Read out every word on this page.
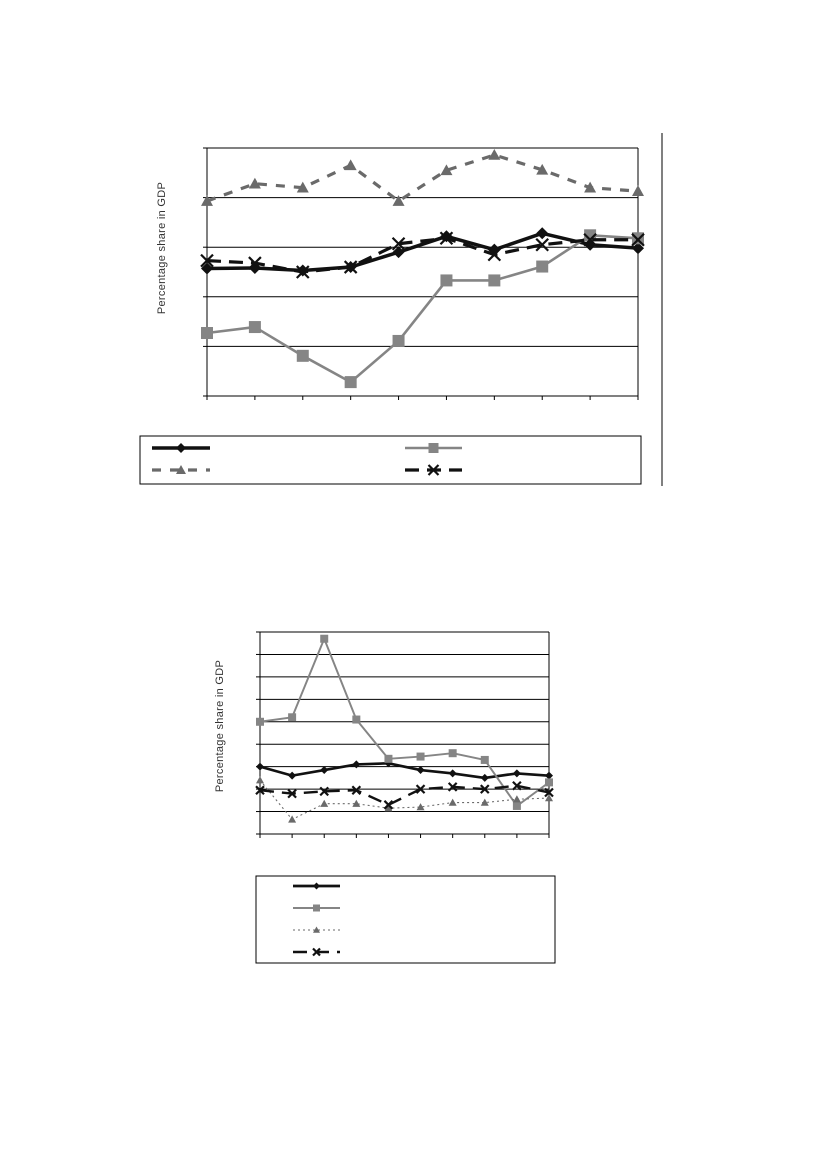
Percentage share in GDP
Percentage share in GDP
